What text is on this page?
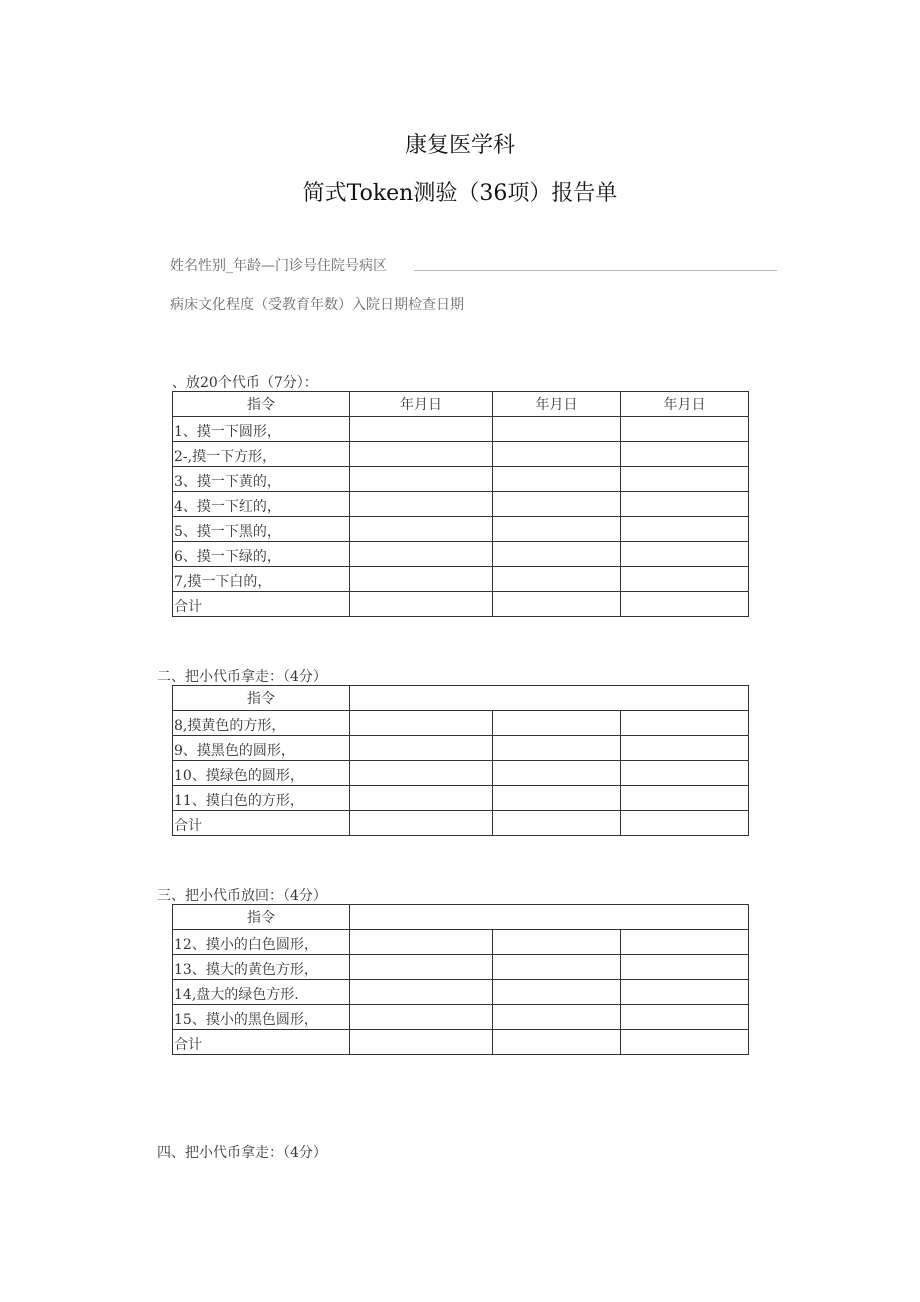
康复医学科
简式Token测验（36项）报告单
姓名性别_年龄—门诊号住院号病区
病床文化程度（受教育年数）入院日期检查日期
、放20个代币（7分）：
指令	年月日	年月日	年月日
1、摸一下圆形，			
2-,摸一下方形，			
3、摸一下黄的，			
4、摸一下红的，			
5、摸一下黑的，			
6、摸一下绿的，			
7,摸一下白的，			
合计			
二、把小代币拿走：（4分）
指令			
8,摸黄色的方形，			
9、摸黑色的圆形，			
10、摸绿色的圆形，			
11、摸白色的方形，			
合计			
三、把小代币放回：（4分）
指令			
12、摸小的白色圆形，			
13、摸大的黄色方形，			
14,盘大的绿色方形.			
15、摸小的黑色圆形，			
合计			
四、把小代币拿走：（4分）
